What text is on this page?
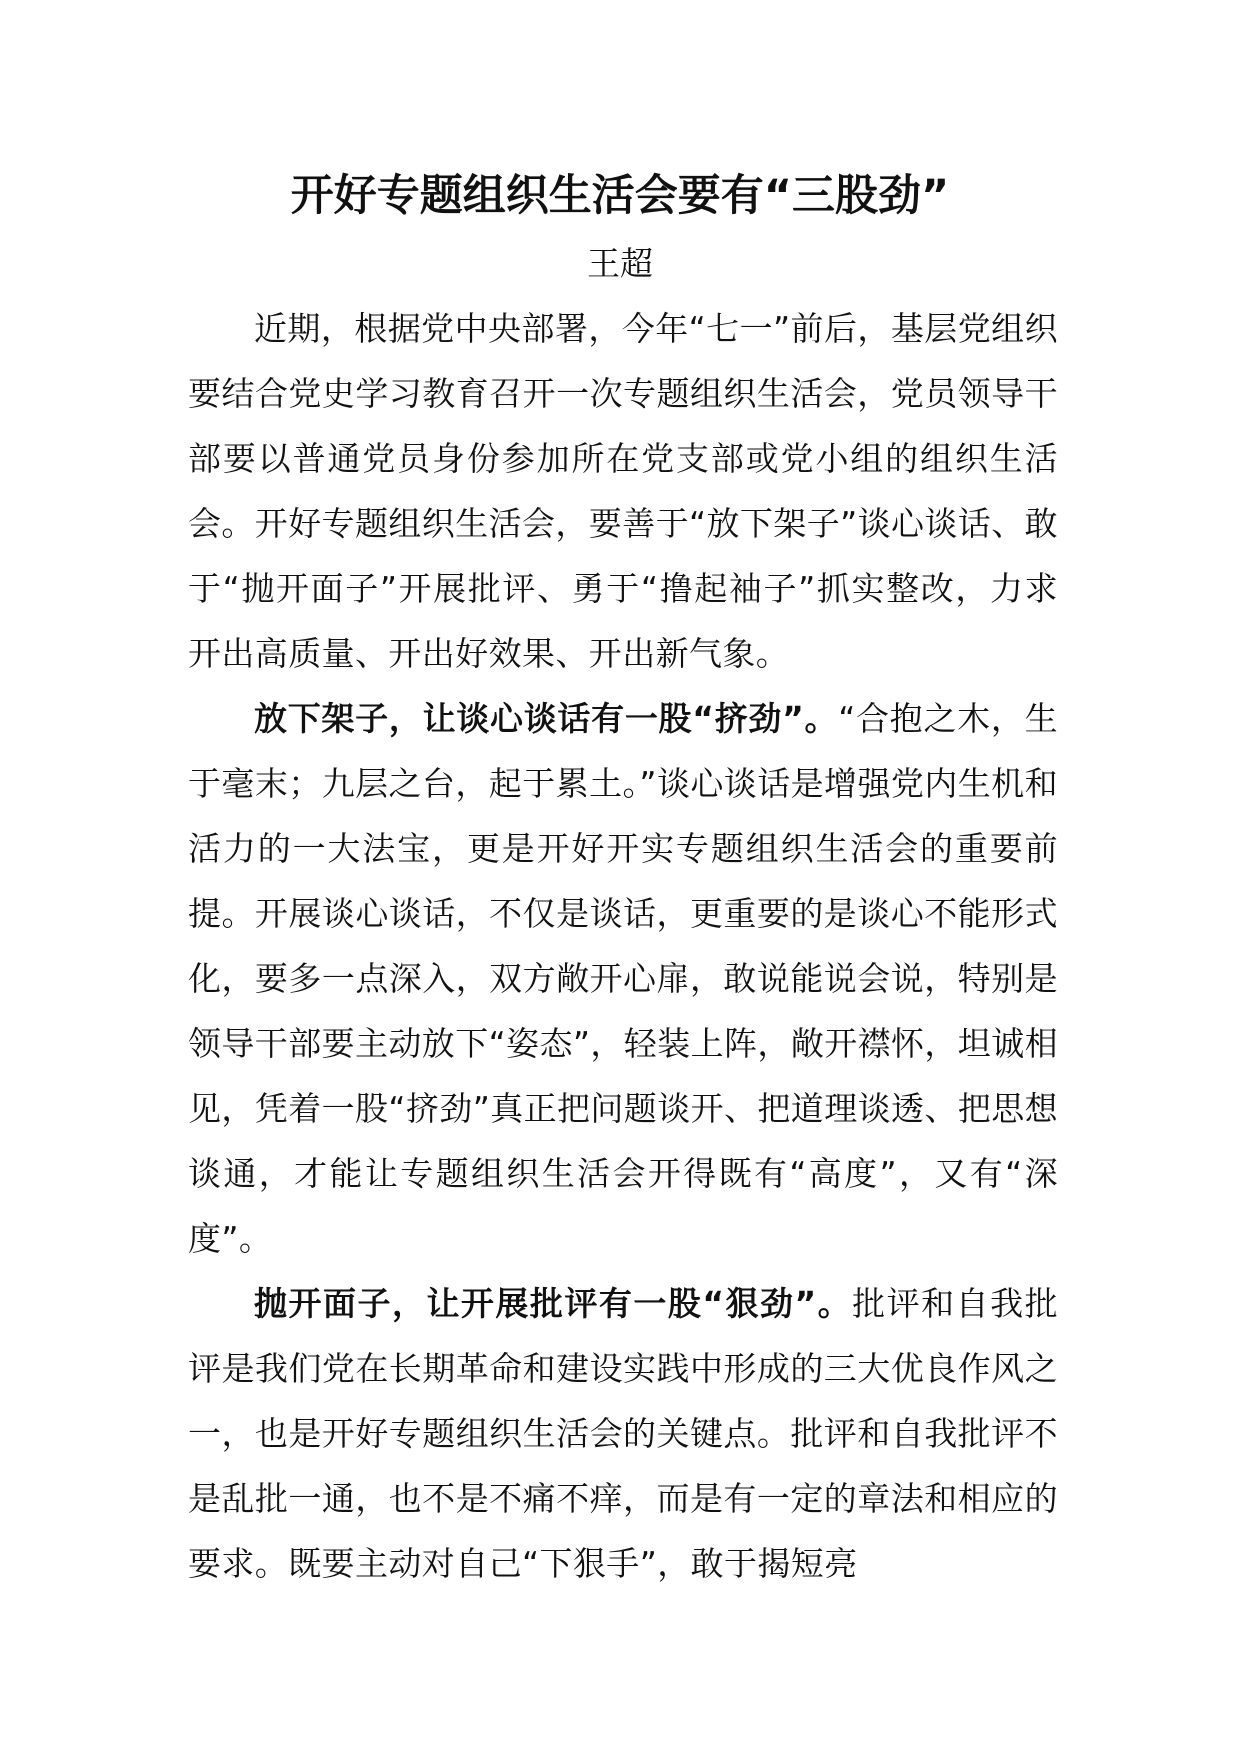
开好专题组织生活会要有“三股劲”
王超

近期，根据党中央部署，今年“七一”前后，基层党组织要结合党史学习教育召开一次专题组织生活会，党员领导干部要以普通党员身份参加所在党支部或党小组的组织生活会。开好专题组织生活会，要善于“放下架子”谈心谈话、敢于“抛开面子”开展批评、勇于“撸起袖子”抓实整改，力求开出高质量、开出好效果、开出新气象。

放下架子，让谈心谈话有一股“挤劲”。“合抱之木，生于毫末；九层之台，起于累土。”谈心谈话是增强党内生机和活力的一大法宝，更是开好开实专题组织生活会的重要前提。开展谈心谈话，不仅是谈话，更重要的是谈心不能形式化，要多一点深入，双方敞开心扉，敢说能说会说，特别是领导干部要主动放下“姿态”，轻装上阵，敞开襟怀，坦诚相见，凭着一股“挤劲”真正把问题谈开、把道理谈透、把思想谈通，才能让专题组织生活会开得既有“高度”，又有“深度”。

抛开面子，让开展批评有一股“狠劲”。批评和自我批评是我们党在长期革命和建设实践中形成的三大优良作风之一，也是开好专题组织生活会的关键点。批评和自我批评不是乱批一通，也不是不痛不痒，而是有一定的章法和相应的要求。既要主动对自己“下狠手”，敢于揭短亮
